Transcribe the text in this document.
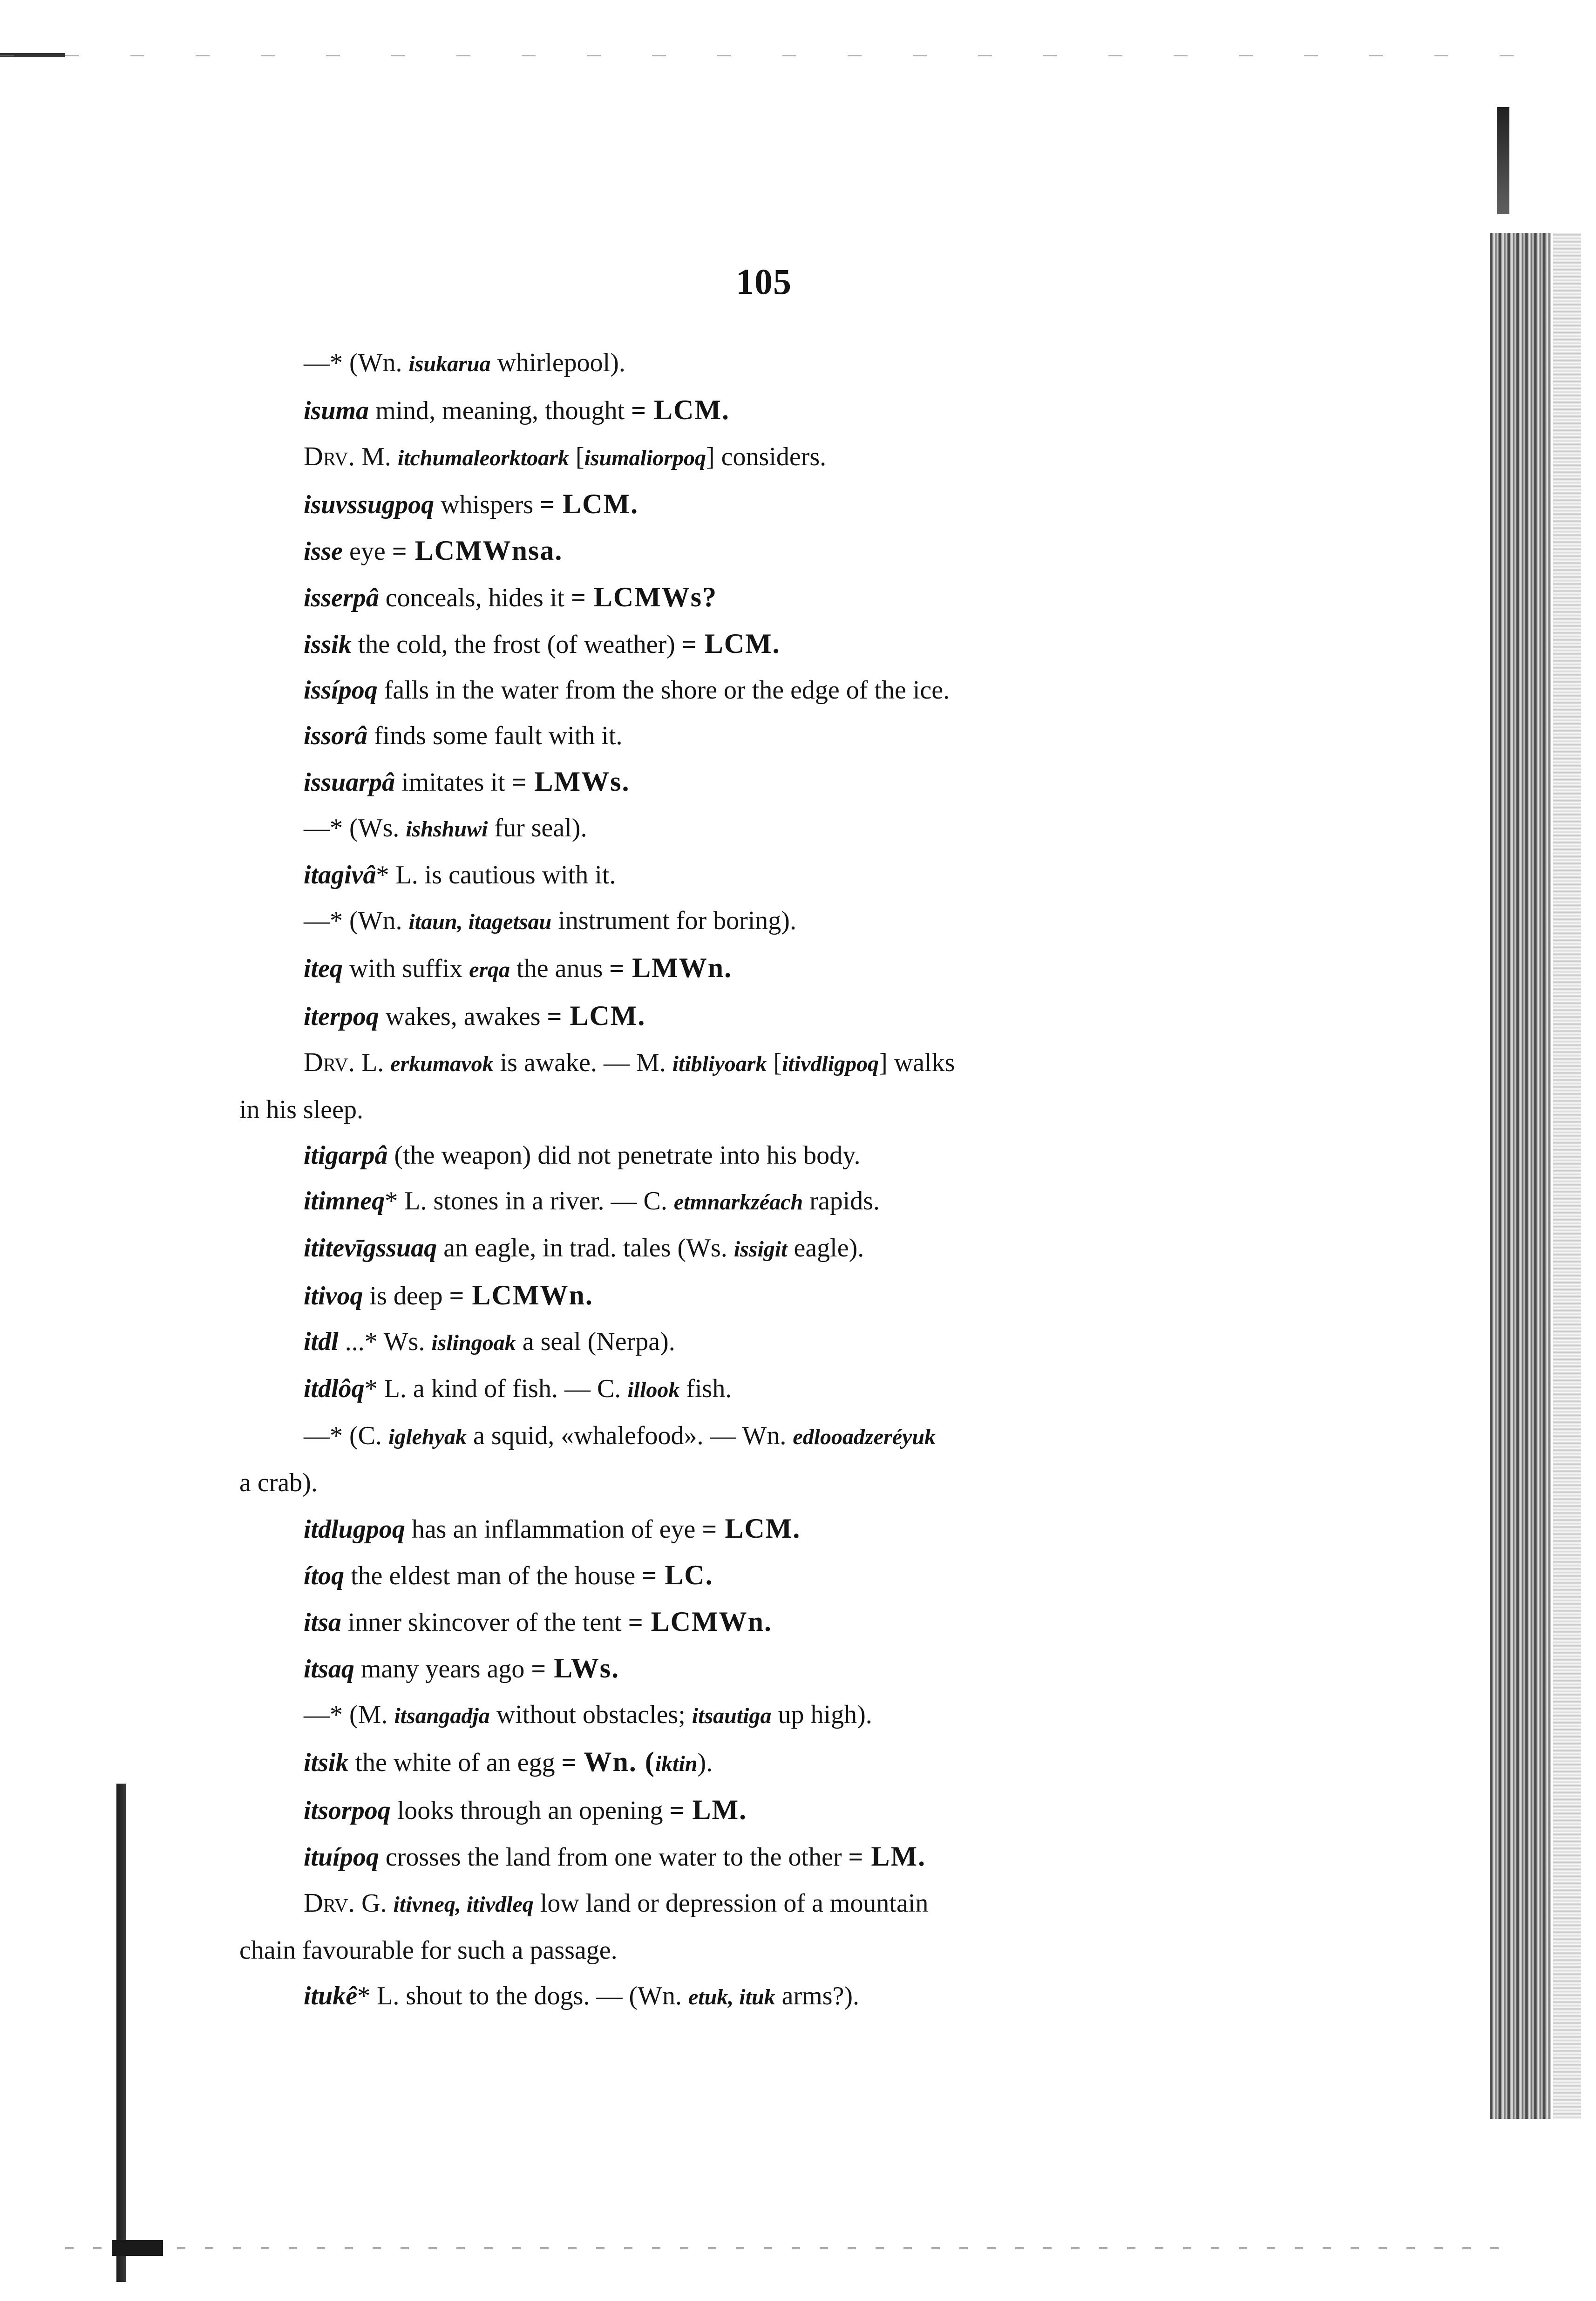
105
—* (Wn. isukarua whirlepool).
isuma mind, meaning, thought = LCM.
Drv. M. itchumaleorktoark [isumaliorpoq] considers.
isuvssugpoq whispers = LCM.
isse eye = LCMWnsa.
isserpâ conceals, hides it = LCMWs?
issik the cold, the frost (of weather) = LCM.
issípoq falls in the water from the shore or the edge of the ice.
issorâ finds some fault with it.
issuarpâ imitates it = LMWs.
—* (Ws. ishshuwi fur seal).
itagivâ* L. is cautious with it.
—* (Wn. itaun, itagetsau instrument for boring).
iteq with suffix erqa the anus = LMWn.
iterpoq wakes, awakes = LCM.
Drv. L. erkumavok is awake. — M. itibliyoark [itivdligpoq] walks
in his sleep.
itigarpâ (the weapon) did not penetrate into his body.
itimneq* L. stones in a river. — C. etmnarkzéach rapids.
ititevīgssuaq an eagle, in trad. tales (Ws. issigit eagle).
itivoq is deep = LCMWn.
itdl ...* Ws. islingoak a seal (Nerpa).
itdlôq* L. a kind of fish. — C. illook fish.
—* (C. iglehyak a squid, «whalefood». — Wn. edlooadzeréyuk
a crab).
itdlugpoq has an inflammation of eye = LCM.
ítoq the eldest man of the house = LC.
itsa inner skincover of the tent = LCMWn.
itsaq many years ago = LWs.
—* (M. itsangadja without obstacles; itsautiga up high).
itsik the white of an egg = Wn. (iktin).
itsorpoq looks through an opening = LM.
ituípoq crosses the land from one water to the other = LM.
Drv. G. itivneq, itivdleq low land or depression of a mountain
chain favourable for such a passage.
itukê* L. shout to the dogs. — (Wn. etuk, ituk arms?).
